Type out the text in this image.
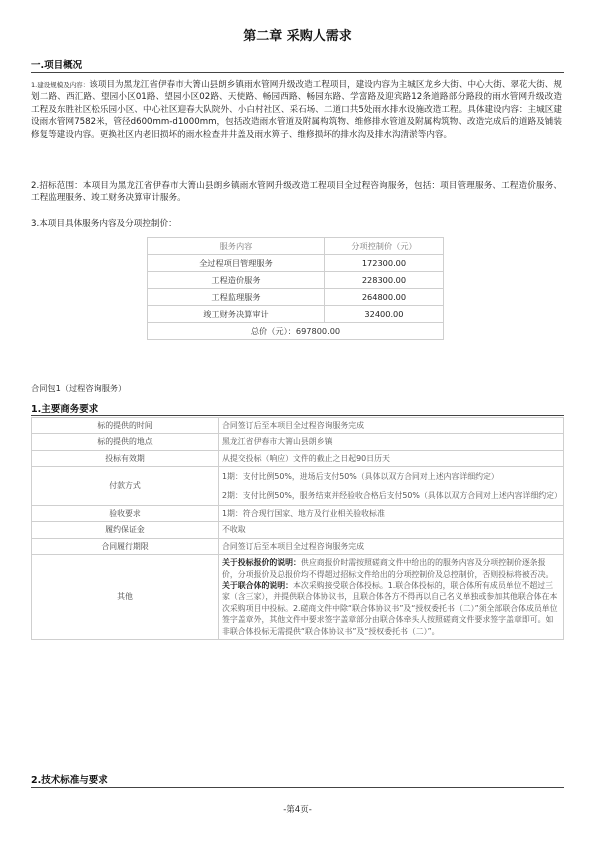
第二章 采购人需求
一.项目概况
1.建设规模及内容：该项目为黑龙江省伊春市大箐山县朗乡镇雨水管网升级改造工程项目，建设内容为主城区龙乡大街、中心大街、翠花大街、规划二路、西汇路、望园小区01路、望园小区02路、天使路、畅园西路、畅园东路、学富路及迎宾路12条道路部分路段的雨水管网升级改造工程及东胜社区松乐园小区、中心社区迎春大队院外、小白村社区、采石场、二道口共5处雨水排水设施改造工程。具体建设内容：主城区建设雨水管网7582米，管径d600mm-d1000mm，包括改造雨水管道及附属构筑物、维修排水管道及附属构筑物、改造完成后的道路及铺装修复等建设内容。更换社区内老旧损坏的雨水检查井井盖及雨水箅子、维修损坏的排水沟及排水沟清淤等内容。
2.招标范围：本项目为黑龙江省伊春市大箐山县朗乡镇雨水管网升级改造工程项目全过程咨询服务，包括：项目管理服务、工程造价服务、工程监理服务、竣工财务决算审计服务。
3.本项目具体服务内容及分项控制价：
服务内容	分项控制价（元）
全过程项目管理服务	172300.00
工程造价服务	228300.00
工程监理服务	264800.00
竣工财务决算审计	32400.00
总价（元）：697800.00	
合同包1（过程咨询服务）
1.主要商务要求
标的提供的时间	合同签订后至本项目全过程咨询服务完成
标的提供的地点	黑龙江省伊春市大箐山县朗乡镇
投标有效期	从提交投标（响应）文件的截止之日起90日历天
付款方式	1期：支付比例50%，进场后支付50%（具体以双方合同对上述内容详细约定）
2期：支付比例50%，服务结束并经验收合格后支付50%（具体以双方合同对上述内容详细约定）

验收要求	1期：符合现行国家、地方及行业相关验收标准
履约保证金	不收取
合同履行期限	合同签订后至本项目全过程咨询服务完成
其他	关于投标报价的说明：供应商报价时需按照磋商文件中给出的的服务内容及分项控制价逐条报价，分项报价及总报价均不得超过招标文件给出的分项控制价及总控制价，否则投标将被否决。
关于联合体的说明：本次采购接受联合体投标。1.联合体投标的，联合体所有成员单位不超过三家（含三家），并提供联合体协议书，且联合体各方不得再以自己名义单独或参加其他联合体在本次采购项目中投标。2.磋商文件中除“联合体协议书”及“授权委托书（二）”须全部联合体成员单位签字盖章外，其他文件中要求签字盖章部分由联合体牵头人按照磋商文件要求签字盖章即可。如非联合体投标无需提供“联合体协议书”及“授权委托书（二）”。
2.技术标准与要求
-第4页-
